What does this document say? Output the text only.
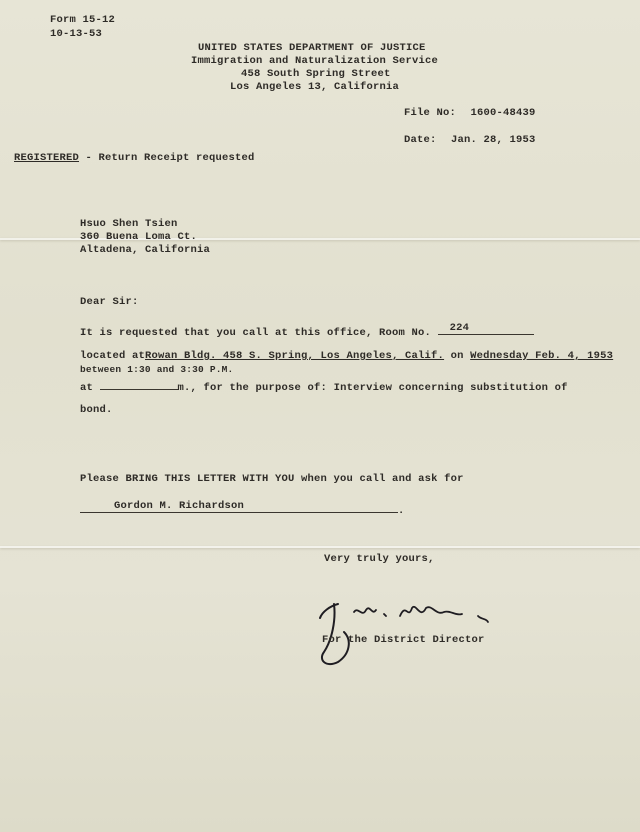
Form 15-12
10-13-53
UNITED STATES DEPARTMENT OF JUSTICE
Immigration and Naturalization Service
458 South Spring Street
Los Angeles 13, California
File No: 1600-48439
Date: Jan. 28, 1953
REGISTERED - Return Receipt requested
Hsuo Shen Tsien
360 Buena Loma Ct.
Altadena, California
Dear Sir:
It is requested that you call at this office, Room No. 224
located atRowan Bldg. 458 S. Spring, Los Angeles, Calif. on Wednesday Feb. 4, 1953
between 1:30 and 3:30 P.M.
at	m., for the purpose of: Interview concerning substitution of
bond.
Please BRING THIS LETTER WITH YOU when you call and ask for
Gordon M. Richardson	.
Very truly yours,
For the District Director
